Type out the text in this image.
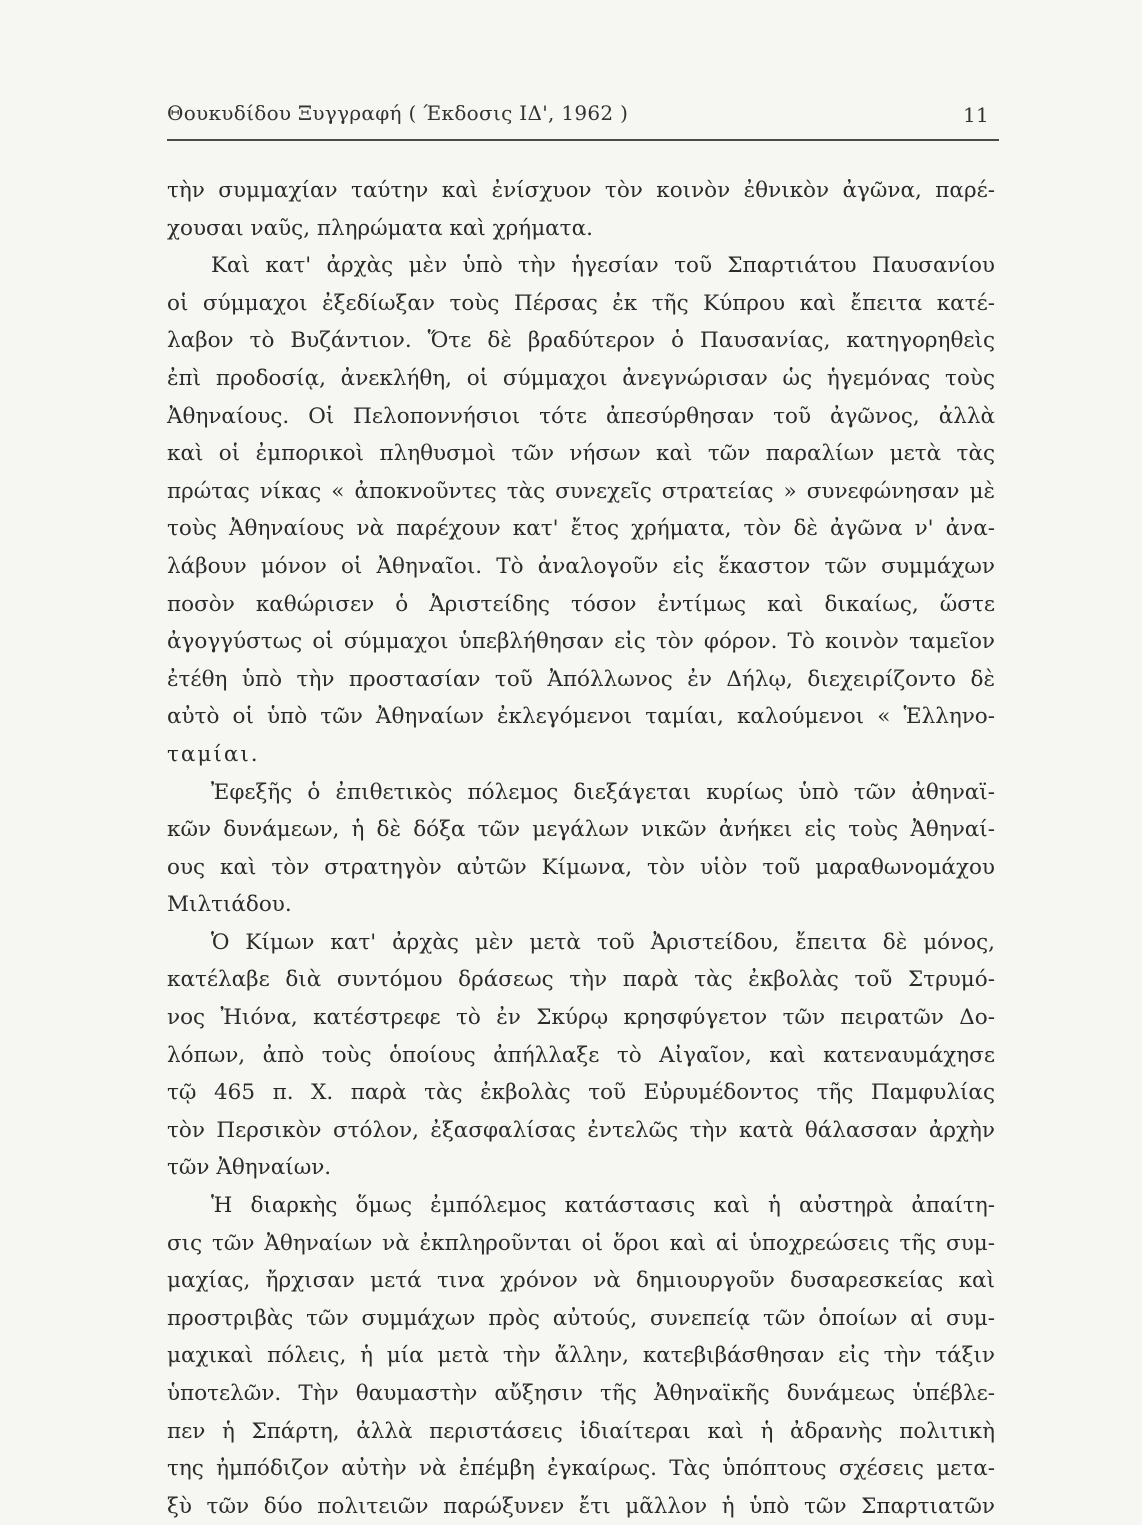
Θουκυδίδου Ξυγγραφή ( Έκδοσις ΙΔ', 1962 )	11
τὴν συμμαχίαν ταύτην καὶ ἐνίσχυον τὸν κοινὸν ἐθνικὸν ἀγῶνα, παρέ-
χουσαι ναῦς, πληρώματα καὶ χρήματα.
Καὶ κατ' ἀρχὰς μὲν ὑπὸ τὴν ἡγεσίαν τοῦ Σπαρτιάτου Παυσανίου
οἱ σύμμαχοι ἐξεδίωξαν τοὺς Πέρσας ἐκ τῆς Κύπρου καὶ ἔπειτα κατέ-
λαβον τὸ Βυζάντιον. Ὅτε δὲ βραδύτερον ὁ Παυσανίας, κατηγορηθεὶς
ἐπὶ προδοσίᾳ, ἀνεκλήθη, οἱ σύμμαχοι ἀνεγνώρισαν ὡς ἡγεμόνας τοὺς
Ἀθηναίους. Οἱ Πελοποννήσιοι τότε ἀπεσύρθησαν τοῦ ἀγῶνος, ἀλλὰ
καὶ οἱ ἐμπορικοὶ πληθυσμοὶ τῶν νήσων καὶ τῶν παραλίων μετὰ τὰς
πρώτας νίκας « ἀποκνοῦντες τὰς συνεχεῖς στρατείας » συνεφώνησαν μὲ
τοὺς Ἀθηναίους νὰ παρέχουν κατ' ἔτος χρήματα, τὸν δὲ ἀγῶνα ν' ἀνα-
λάβουν μόνον οἱ Ἀθηναῖοι. Τὸ ἀναλογοῦν εἰς ἕκαστον τῶν συμμάχων
ποσὸν καθώρισεν ὁ Ἀριστείδης τόσον ἐντίμως καὶ δικαίως, ὥστε
ἀγογγύστως οἱ σύμμαχοι ὑπεβλήθησαν εἰς τὸν φόρον. Τὸ κοινὸν ταμεῖον
ἐτέθη ὑπὸ τὴν προστασίαν τοῦ Ἀπόλλωνος ἐν Δήλῳ, διεχειρίζοντο δὲ
αὐτὸ οἱ ὑπὸ τῶν Ἀθηναίων ἐκλεγόμενοι ταμίαι, καλούμενοι « Ἑλληνο-
ταμίαι.
Ἐφεξῆς ὁ ἐπιθετικὸς πόλεμος διεξάγεται κυρίως ὑπὸ τῶν ἀθηναϊ-
κῶν δυνάμεων, ἡ δὲ δόξα τῶν μεγάλων νικῶν ἀνήκει εἰς τοὺς Ἀθηναί-
ους καὶ τὸν στρατηγὸν αὐτῶν Κίμωνα, τὸν υἱὸν τοῦ μαραθωνομάχου
Μιλτιάδου.
Ὁ Κίμων κατ' ἀρχὰς μὲν μετὰ τοῦ Ἀριστείδου, ἔπειτα δὲ μόνος,
κατέλαβε διὰ συντόμου δράσεως τὴν παρὰ τὰς ἐκβολὰς τοῦ Στρυμό-
νος Ἠιόνα, κατέστρεφε τὸ ἐν Σκύρῳ κρησφύγετον τῶν πειρατῶν Δο-
λόπων, ἀπὸ τοὺς ὁποίους ἀπήλλαξε τὸ Αἰγαῖον, καὶ κατεναυμάχησε
τῷ 465 π. Χ. παρὰ τὰς ἐκβολὰς τοῦ Εὐρυμέδοντος τῆς Παμφυλίας
τὸν Περσικὸν στόλον, ἐξασφαλίσας ἐντελῶς τὴν κατὰ θάλασσαν ἀρχὴν
τῶν Ἀθηναίων.
Ἡ διαρκὴς ὅμως ἐμπόλεμος κατάστασις καὶ ἡ αὐστηρὰ ἀπαίτη-
σις τῶν Ἀθηναίων νὰ ἐκπληροῦνται οἱ ὅροι καὶ αἱ ὑποχρεώσεις τῆς συμ-
μαχίας, ἤρχισαν μετά τινα χρόνον νὰ δημιουργοῦν δυσαρεσκείας καὶ
προστριβὰς τῶν συμμάχων πρὸς αὐτούς, συνεπείᾳ τῶν ὁποίων αἱ συμ-
μαχικαὶ πόλεις, ἡ μία μετὰ τὴν ἄλλην, κατεβιβάσθησαν εἰς τὴν τάξιν
ὑποτελῶν. Τὴν θαυμαστὴν αὔξησιν τῆς Ἀθηναϊκῆς δυνάμεως ὑπέβλε-
πεν ἡ Σπάρτη, ἀλλὰ περιστάσεις ἰδιαίτεραι καὶ ἡ ἀδρανὴς πολιτικὴ
της ἠμπόδιζον αὐτὴν νὰ ἐπέμβη ἐγκαίρως. Τὰς ὑπόπτους σχέσεις μετα-
ξὺ τῶν δύο πολιτειῶν παρώξυνεν ἔτι μᾶλλον ἡ ὑπὸ τῶν Σπαρτιατῶν
